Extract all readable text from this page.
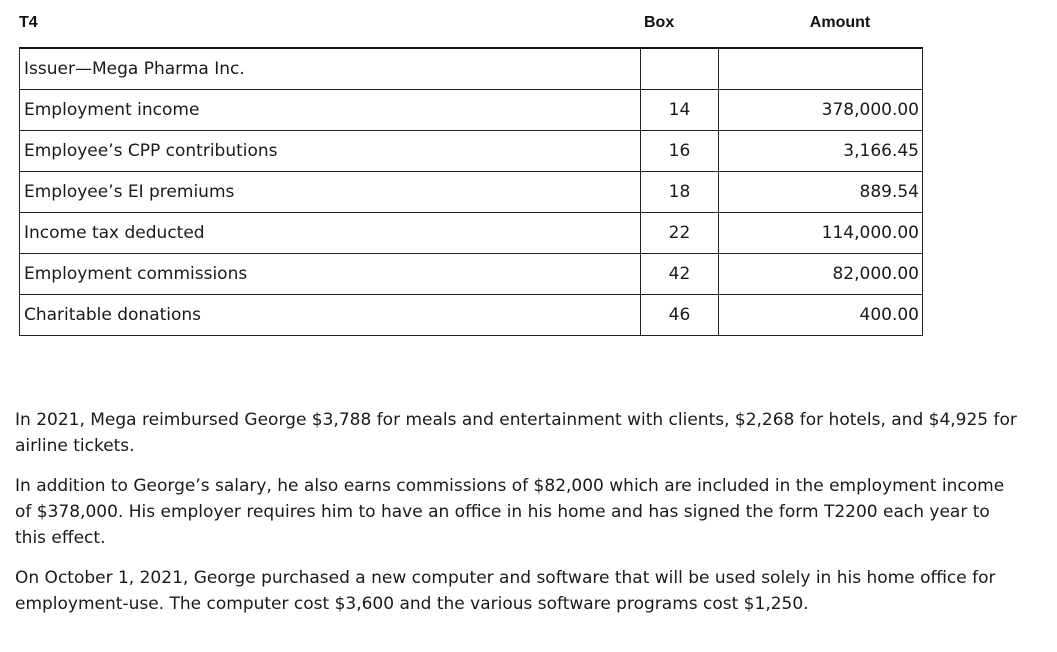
T4	Box	Amount
Issuer—Mega Pharma Inc.		
Employment income	14	378,000.00
Employee’s CPP contributions	16	3,166.45
Employee’s EI premiums	18	889.54
Income tax deducted	22	114,000.00
Employment commissions	42	82,000.00
Charitable donations	46	400.00

In 2021, Mega reimbursed George $3,788 for meals and entertainment with clients, $2,268 for hotels, and $4,925 for airline tickets.

In addition to George’s salary, he also earns commissions of $82,000 which are included in the employment income of $378,000. His employer requires him to have an office in his home and has signed the form T2200 each year to this effect.

On October 1, 2021, George purchased a new computer and software that will be used solely in his home office for employment-use. The computer cost $3,600 and the various software programs cost $1,250.
